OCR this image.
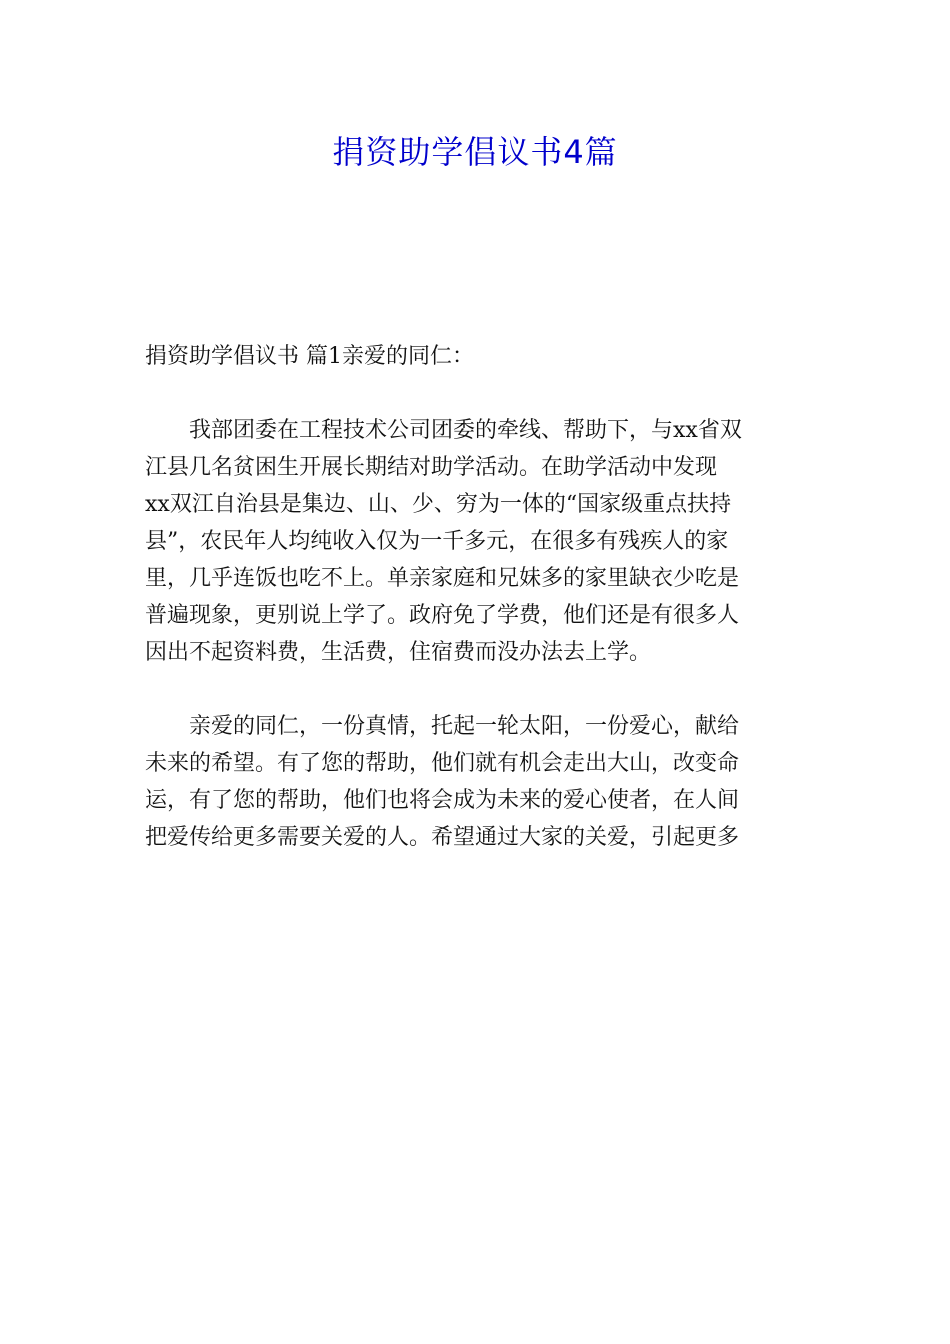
捐资助学倡议书4篇

捐资助学倡议书 篇1亲爱的同仁：

我部团委在工程技术公司团委的牵线、帮助下，与xx省双
江县几名贫困生开展长期结对助学活动。在助学活动中发现
xx双江自治县是集边、山、少、穷为一体的“国家级重点扶持
县”，农民年人均纯收入仅为一千多元，在很多有残疾人的家
里，几乎连饭也吃不上。单亲家庭和兄妹多的家里缺衣少吃是
普遍现象，更别说上学了。政府免了学费，他们还是有很多人
因出不起资料费，生活费，住宿费而没办法去上学。
亲爱的同仁，一份真情，托起一轮太阳，一份爱心，献给
未来的希望。有了您的帮助，他们就有机会走出大山，改变命
运，有了您的帮助，他们也将会成为未来的爱心使者，在人间
把爱传给更多需要关爱的人。希望通过大家的关爱，引起更多
